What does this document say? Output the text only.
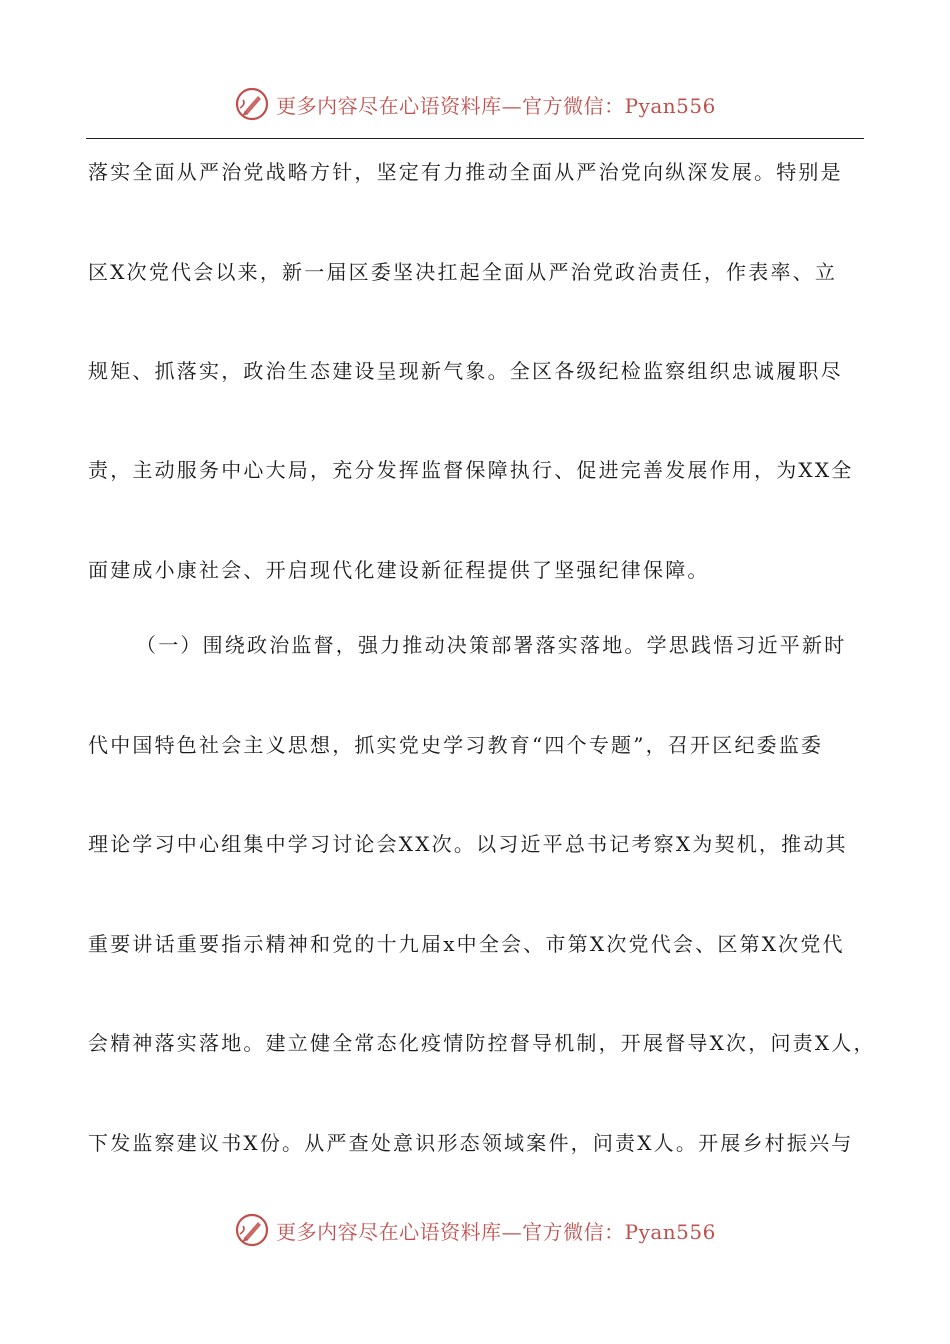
更多内容尽在心语资料库—官方微信：Pyan556
落实全面从严治党战略方针，坚定有力推动全面从严治党向纵深发展。特别是
区X次党代会以来，新一届区委坚决扛起全面从严治党政治责任，作表率、立
规矩、抓落实，政治生态建设呈现新气象。全区各级纪检监察组织忠诚履职尽
责，主动服务中心大局，充分发挥监督保障执行、促进完善发展作用，为XX全
面建成小康社会、开启现代化建设新征程提供了坚强纪律保障。
（一）围绕政治监督，强力推动决策部署落实落地。学思践悟习近平新时
代中国特色社会主义思想，抓实党史学习教育“四个专题”，召开区纪委监委
理论学习中心组集中学习讨论会XX次。以习近平总书记考察X为契机，推动其
重要讲话重要指示精神和党的十九届x中全会、市第X次党代会、区第X次党代
会精神落实落地。建立健全常态化疫情防控督导机制，开展督导X次，问责X人，
下发监察建议书X份。从严查处意识形态领域案件，问责X人。开展乡村振兴与
更多内容尽在心语资料库—官方微信：Pyan556
